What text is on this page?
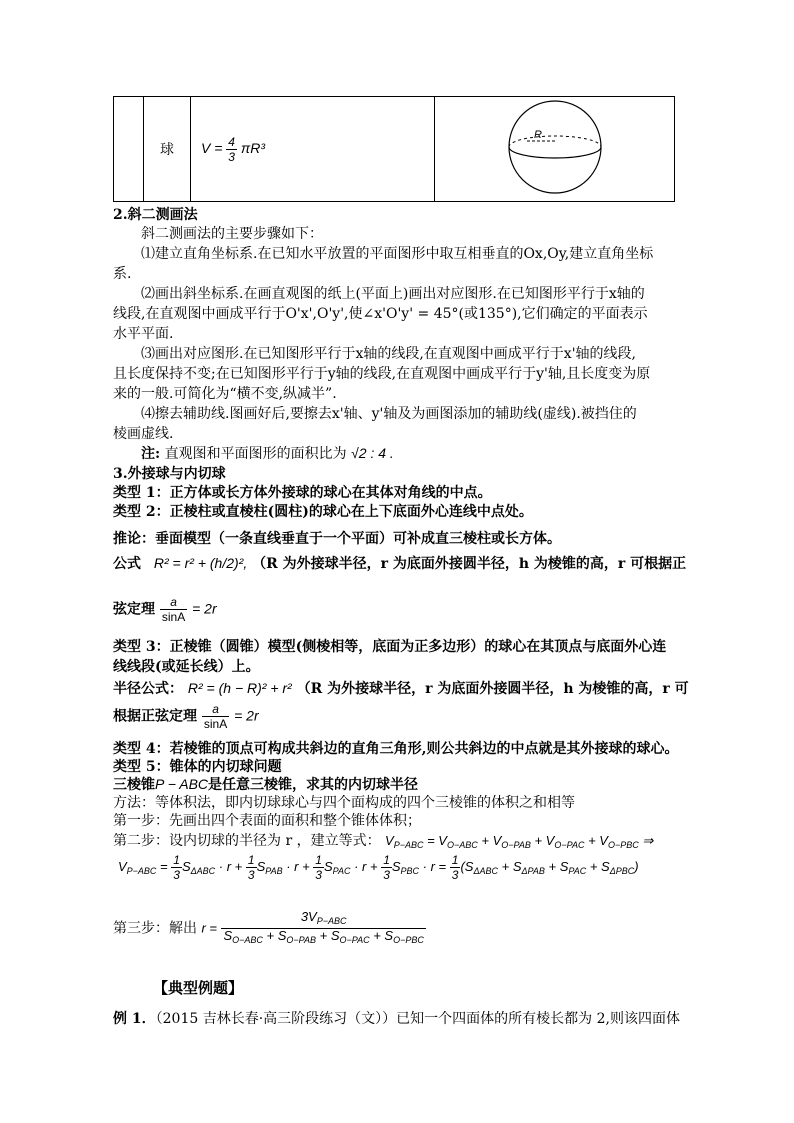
	球	$V = \frac{4}{3} \pi R^3$	
R
2.斜二测画法
斜二测画法的主要步骤如下：
⑴建立直角坐标系.在已知水平放置的平面图形中取互相垂直的Ox,Oy,建立直角坐标
系.
⑵画出斜坐标系.在画直观图的纸上(平面上)画出对应图形.在已知图形平行于x轴的
线段,在直观图中画成平行于O'x',O'y',使∠x'O'y' = 45°(或135°),它们确定的平面表示
水平平面.
⑶画出对应图形.在已知图形平行于x轴的线段,在直观图中画成平行于x'轴的线段,
且长度保持不变;在已知图形平行于y轴的线段,在直观图中画成平行于y'轴,且长度变为原
来的一般.可简化为“横不变,纵减半”.
⑷擦去辅助线.图画好后,要擦去x'轴、y'轴及为画图添加的辅助线(虚线).被挡住的
棱画虚线.
注: 直观图和平面图形的面积比为 √2 : 4 .
3.外接球与内切球
类型 1：正方体或长方体外接球的球心在其体对角线的中点。
类型 2：正棱柱或直棱柱(圆柱)的球心在上下底面外心连线中点处。
推论：垂面模型（一条直线垂直于一个平面）可补成直三棱柱或长方体。
公式 R² = r² + (h/2)², （R 为外接球半径，r 为底面外接圆半径，h 为棱锥的高，r 可根据正
弦定理 $\frac{a}{\sin A} = 2r$
类型 3：正棱锥（圆锥）模型(侧棱相等，底面为正多边形）的球心在其顶点与底面外心连
线线段(或延长线）上。
半径公式： R² = (h − R)² + r² （R 为外接球半径，r 为底面外接圆半径，h 为棱锥的高，r 可
根据正弦定理 $\frac{a}{\sin A} = 2r$
类型 4：若棱锥的顶点可构成共斜边的直角三角形,则公共斜边的中点就是其外接球的球心。
类型 5：锥体的内切球问题
三棱锥P − ABC是任意三棱锥，求其的内切球半径
方法：等体积法，即内切球球心与四个面构成的四个三棱锥的体积之和相等
第一步：先画出四个表面的面积和整个锥体体积；
第二步：设内切球的半径为 r ，建立等式： $V_{P-ABC} = V_{O-ABC} + V_{O-PAB} + V_{O-PAC} + V_{O-PBC}$ ⇒
$V_{P-ABC} = \frac{1}{3} S_{\Delta ABC} \cdot r + \frac{1}{3} S_{PAB} \cdot r + \frac{1}{3} S_{PAC} \cdot r + \frac{1}{3} S_{PBC} \cdot r = \frac{1}{3} (S_{\Delta ABC} + S_{\Delta PAB} + S_{PAC} + S_{\Delta PBC})$
第三步：解出 $r = \frac{3V_{P-ABC}}{S_{O-ABC} + S_{O-PAB} + S_{O-PAC} + S_{O-PBC}}$
【典型例题】
例 1．（2015 吉林长春·高三阶段练习（文））已知一个四面体的所有棱长都为 2,则该四面体
